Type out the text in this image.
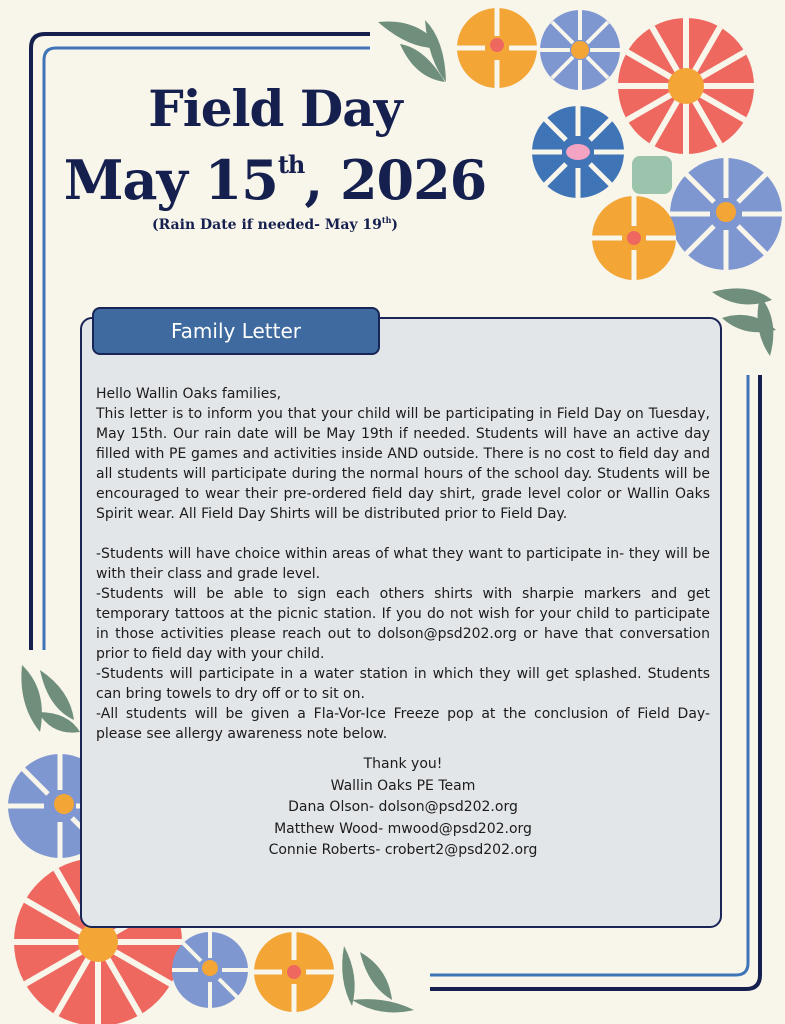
Field Day
May 15th, 2026
(Rain Date if needed- May 19th)
Family Letter

Hello Wallin Oaks families,

This letter is to inform you that your child will be participating in Field Day on Tuesday, May 15th. Our rain date will be May 19th if needed. Students will have an active day filled with PE games and activities inside AND outside. There is no cost to field day and all students will participate during the normal hours of the school day. Students will be encouraged to wear their pre-ordered field day shirt, grade level color or Wallin Oaks Spirit wear. All Field Day Shirts will be distributed prior to Field Day.

-Students will have choice within areas of what they want to participate in- they will be with their class and grade level.

-Students will be able to sign each others shirts with sharpie markers and get temporary tattoos at the picnic station. If you do not wish for your child to participate in those activities please reach out to dolson@psd202.org or have that conversation prior to field day with your child.

-Students will participate in a water station in which they will get splashed. Students can bring towels to dry off or to sit on.

-All students will be given a Fla-Vor-Ice Freeze pop at the conclusion of Field Day- please see allergy awareness note below.

Thank you!
Wallin Oaks PE Team
Dana Olson- dolson@psd202.org
Matthew Wood- mwood@psd202.org
Connie Roberts- crobert2@psd202.org
